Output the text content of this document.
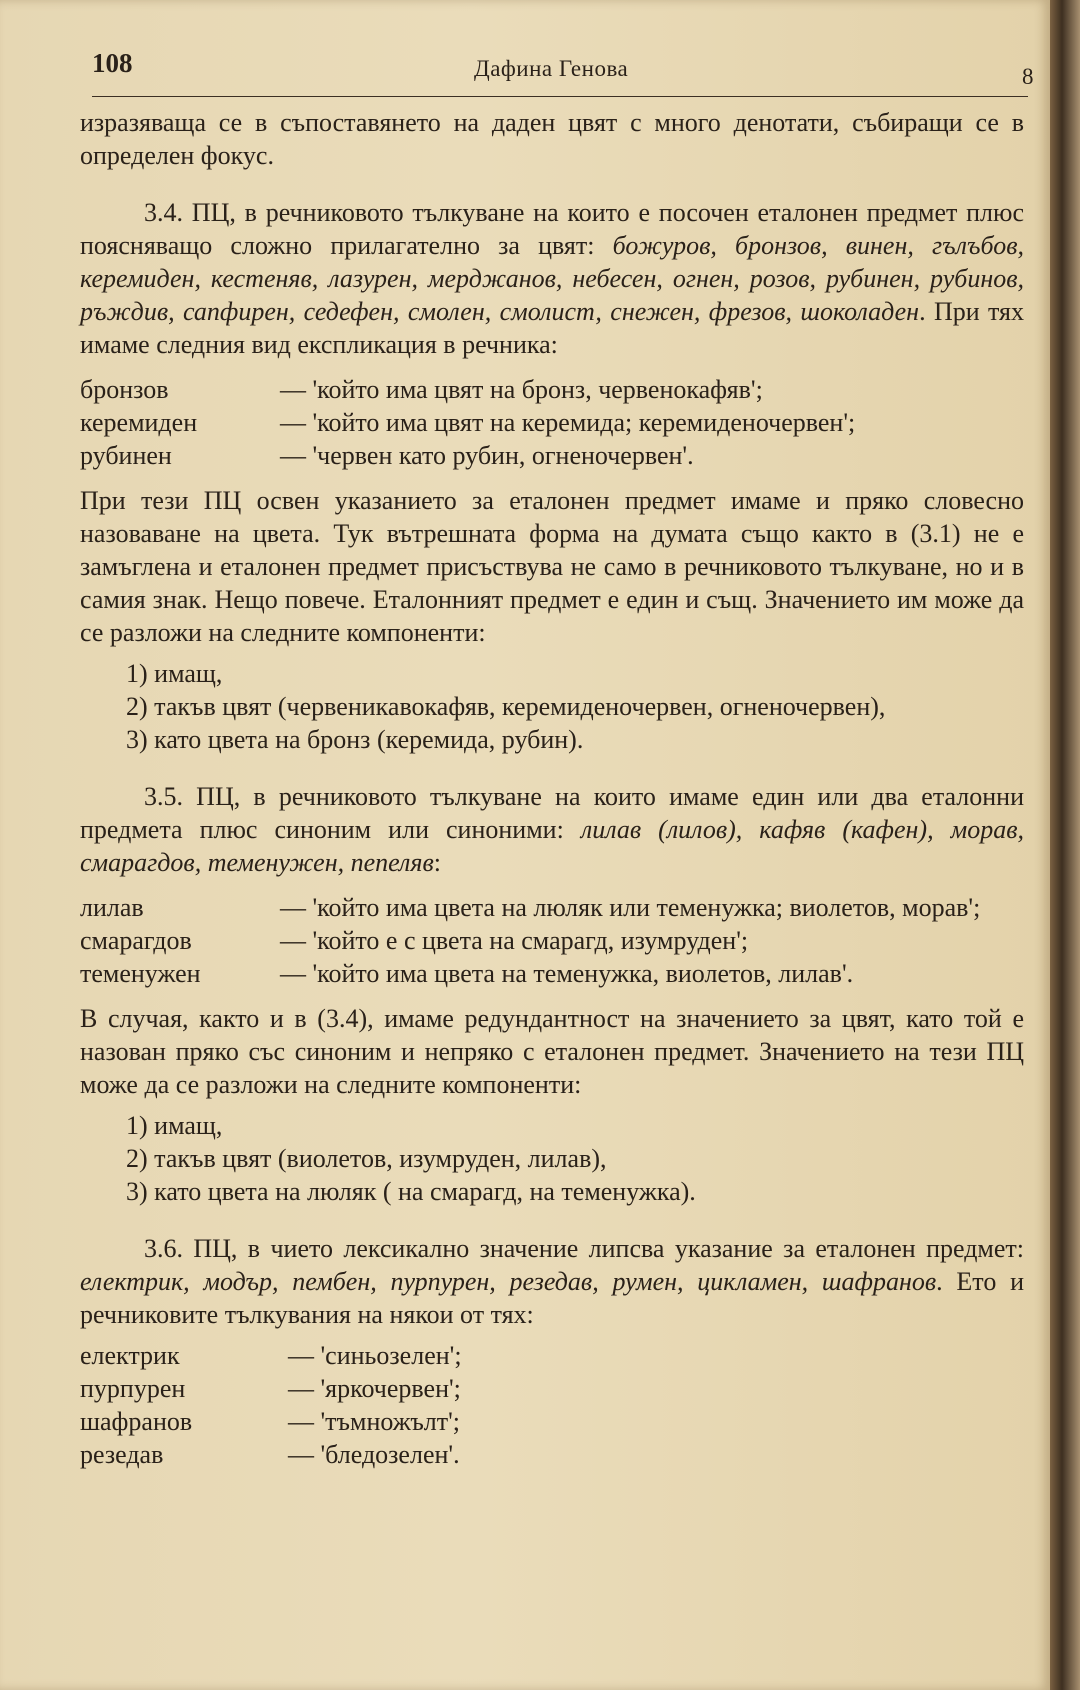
108	Дафина Генова	8

изразяваща се в съпоставянето на даден цвят с много денотати, събиращи се в определен фокус.

3.4. ПЦ, в речниковото тълкуване на които е посочен еталонен предмет плюс поясняващо сложно прилагателно за цвят: божуров, бронзов, винен, гълъбов, керемиден, кестеняв, лазурен, мерджанов, небесен, огнен, розов, рубинен, рубинов, ръждив, сапфирен, седефен, смолен, смолист, снежен, фрезов, шоколаден. При тях имаме следния вид експликация в речника:

бронзов	— 'който има цвят на бронз, червенокафяв';
керемиден	— 'който има цвят на керемида; керемиденочервен';
рубинен	— 'червен като рубин, огненочервен'.

При тези ПЦ освен указанието за еталонен предмет имаме и пряко словесно назоваване на цвета. Тук вътрешната форма на думата също както в (3.1) не е замъглена и еталонен предмет присъствува не само в речниковото тълкуване, но и в самия знак. Нещо повече. Еталонният предмет е един и същ. Значението им може да се разложи на следните компоненти:

1) имащ,

2) такъв цвят (червеникавокафяв, керемиденочервен, огненочервен),

3) като цвета на бронз (керемида, рубин).

3.5. ПЦ, в речниковото тълкуване на които имаме един или два еталонни предмета плюс синоним или синоними: лилав (лилов), кафяв (кафен), морав, смарагдов, теменужен, пепеляв:

лилав	— 'който има цвета на люляк или теменужка; виолетов, морав';
смарагдов	— 'който е с цвета на смарагд, изумруден';
теменужен	— 'който има цвета на теменужка, виолетов, лилав'.

В случая, както и в (3.4), имаме редундантност на значението за цвят, като той е назован пряко със синоним и непряко с еталонен предмет. Значението на тези ПЦ може да се разложи на следните компоненти:

1) имащ,

2) такъв цвят (виолетов, изумруден, лилав),

3) като цвета на люляк ( на смарагд, на теменужка).

3.6. ПЦ, в чието лексикално значение липсва указание за еталонен предмет: електрик, модър, пембен, пурпурен, резедав, румен, цикламен, шафранов. Ето и речниковите тълкувания на някои от тях:

електрик	— 'синьозелен';
пурпурен	— 'яркочервен';
шафранов	— 'тъмножълт';
резедав	— 'бледозелен'.
